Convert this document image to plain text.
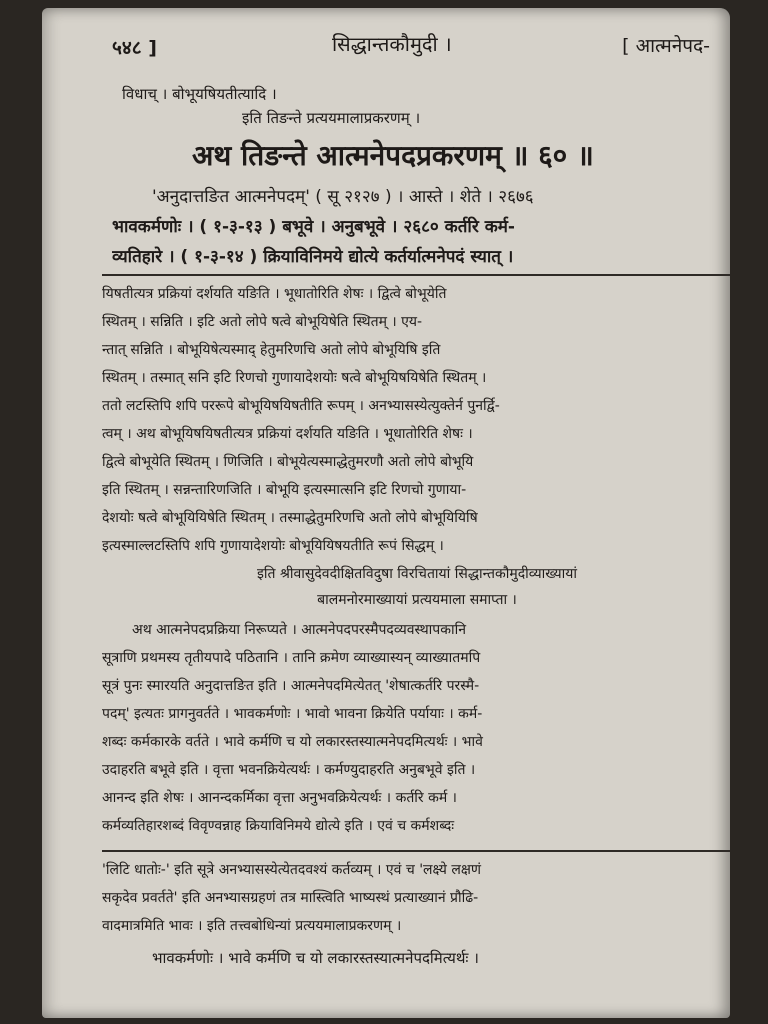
५४८ ]	सिद्धान्तकौमुदी ।	[ आत्मनेपद-
विधाच् । बोभूयषियतीत्यादि ।
इति तिङन्ते प्रत्ययमालाप्रकरणम् ।
अथ तिङन्ते आत्मनेपदप्रकरणम् ॥ ६० ॥
'अनुदात्तङित आत्मनेपदम्' ( सू २१२७ ) । आस्ते । शेते । २६७६
भावकर्मणोः । ( १-३-१३ ) बभूवे । अनुबभूवे । २६८० कर्तरि कर्म-
व्यतिहारे । ( १-३-१४ ) क्रियाविनिमये द्योत्ये कर्तर्यात्मनेपदं स्यात् ।
यिषतीत्यत्र प्रक्रियां दर्शयति यङिति । भूधातोरिति शेषः । द्वित्वे बोभूयेति
स्थितम् । सन्निति । इटि अतो लोपे षत्वे बोभूयिषेति स्थितम् । एय-
न्तात् सन्निति । बोभूयिषेत्यस्माद् हेतुमरिणचि अतो लोपे बोभूयिषि इति
स्थितम् । तस्मात् सनि इटि रिणचो गुणायादेशयोः षत्वे बोभूयिषयिषेति स्थितम् ।
ततो लटस्तिपि शपि पररूपे बोभूयिषयिषतीति रूपम् । अनभ्यासस्येत्युक्तेर्न पुनर्द्वि-
त्वम् । अथ बोभूयिषयिषतीत्यत्र प्रक्रियां दर्शयति यङिति । भूधातोरिति शेषः ।
द्वित्वे बोभूयेति स्थितम् । णिजिति । बोभूयेत्यस्माद्धेतुमरणौ अतो लोपे बोभूयि
इति स्थितम् । सन्नन्तारिणजिति । बोभूयि इत्यस्मात्सनि इटि रिणचो गुणाया-
देशयोः षत्वे बोभूयियिषेति स्थितम् । तस्माद्धेतुमरिणचि अतो लोपे बोभूयियिषि
इत्यस्माल्लटस्तिपि शपि गुणायादेशयोः बोभूयियिषयतीति रूपं सिद्धम् ।
इति श्रीवासुदेवदीक्षितविदुषा विरचितायां सिद्धान्तकौमुदीव्याख्यायां
बालमनोरमाख्यायां प्रत्ययमाला समाप्ता ।
अथ आत्मनेपदप्रक्रिया निरूप्यते । आत्मनेपदपरस्मैपदव्यवस्थापकानि
सूत्राणि प्रथमस्य तृतीयपादे पठितानि । तानि क्रमेण व्याख्यास्यन् व्याख्यातमपि
सूत्रं पुनः स्मारयति अनुदात्तङित इति । आत्मनेपदमित्येतत् 'शेषात्कर्तरि परस्मै-
पदम्' इत्यतः प्रागनुवर्तते । भावकर्मणोः । भावो भावना क्रियेति पर्यायाः । कर्म-
शब्दः कर्मकारके वर्तते । भावे कर्मणि च यो लकारस्तस्यात्मनेपदमित्यर्थः । भावे
उदाहरति बभूवे इति । वृत्ता भवनक्रियेत्यर्थः । कर्मण्युदाहरति अनुबभूवे इति ।
आनन्द इति शेषः । आनन्दकर्मिका वृत्ता अनुभवक्रियेत्यर्थः । कर्तरि कर्म ।
कर्मव्यतिहारशब्दं विवृण्वन्नाह क्रियाविनिमये द्योत्ये इति । एवं च कर्मशब्दः
'लिटि धातोः-' इति सूत्रे अनभ्यासस्येत्येतदवश्यं कर्तव्यम् । एवं च 'लक्ष्ये लक्षणं
सकृदेव प्रवर्तते' इति अनभ्यासग्रहणं तत्र मास्त्विति भाष्यस्थं प्रत्याख्यानं प्रौढि-
वादमात्रमिति भावः । इति तत्त्वबोधिन्यां प्रत्ययमालाप्रकरणम् ।
भावकर्मणोः । भावे कर्मणि च यो लकारस्तस्यात्मनेपदमित्यर्थः ।
